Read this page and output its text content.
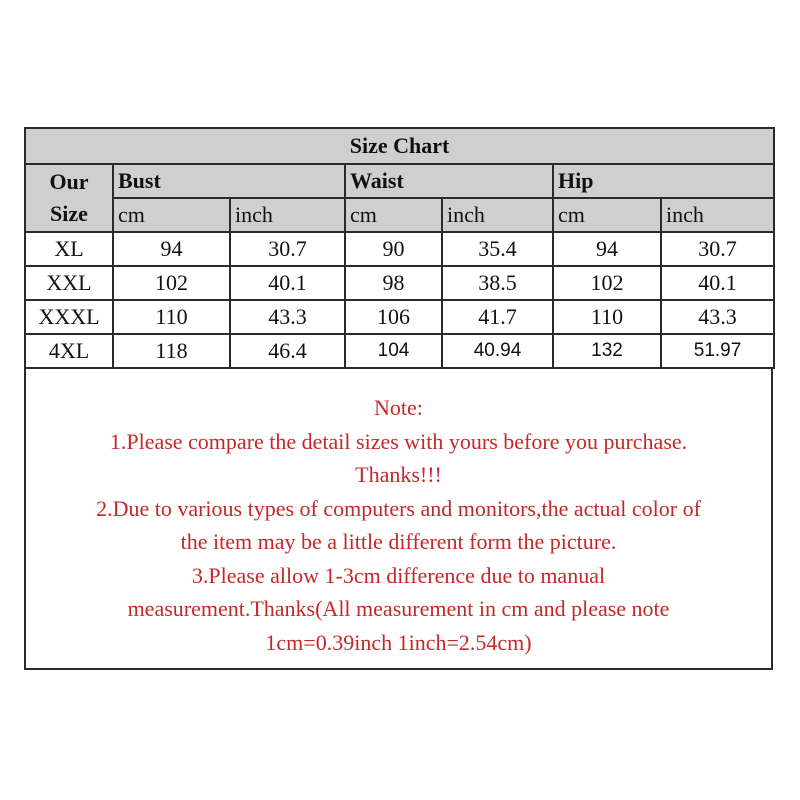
Size Chart						
Our
Size	Bust		Waist		Hip	
	cm	inch	cm	inch	cm	inch
XL	94	30.7	90	35.4	94	30.7
XXL	102	40.1	98	38.5	102	40.1
XXXL	110	43.3	106	41.7	110	43.3
4XL	118	46.4	104	40.94	132	51.97
Note:
1.Please compare the detail sizes with yours before you purchase.
Thanks!!!
2.Due to various types of computers and monitors,the actual color of
the item may be a little different form the picture.
3.Please allow 1-3cm difference due to manual
measurement.Thanks(All measurement in cm and please note
1cm=0.39inch 1inch=2.54cm)
